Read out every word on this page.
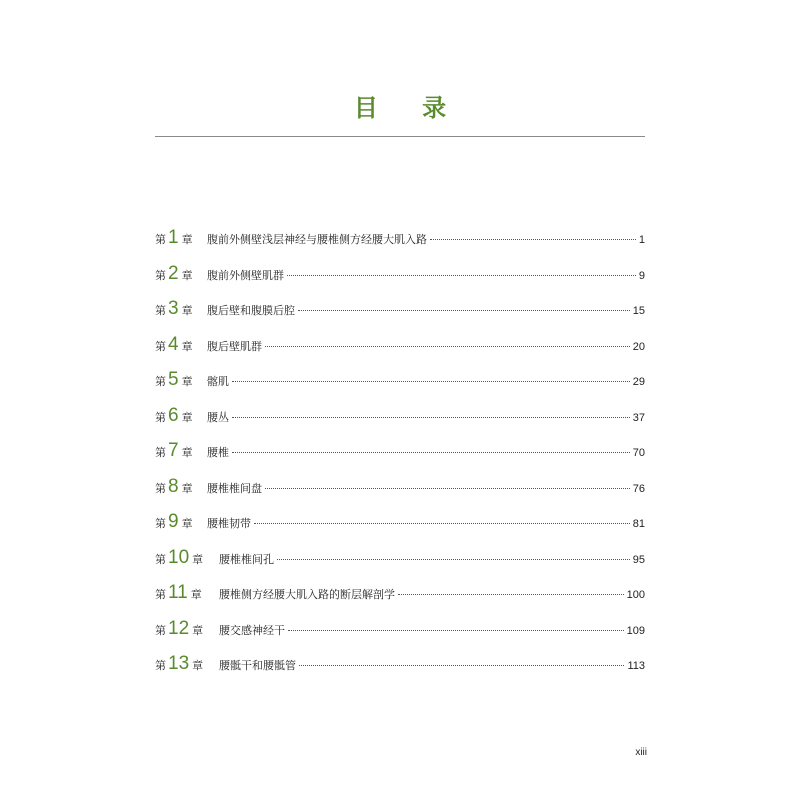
目 录
第 1 章	腹前外侧壁浅层神经与腰椎侧方经腰大肌入路	1
第 2 章	腹前外侧壁肌群	9
第 3 章	腹后壁和腹膜后腔	15
第 4 章	腹后壁肌群	20
第 5 章	髂肌	29
第 6 章	腰丛	37
第 7 章	腰椎	70
第 8 章	腰椎椎间盘	76
第 9 章	腰椎韧带	81
第 10 章	腰椎椎间孔	95
第 11 章	腰椎侧方经腰大肌入路的断层解剖学	100
第 12 章	腰交感神经干	109
第 13 章	腰骶干和腰骶管	113
xiii
